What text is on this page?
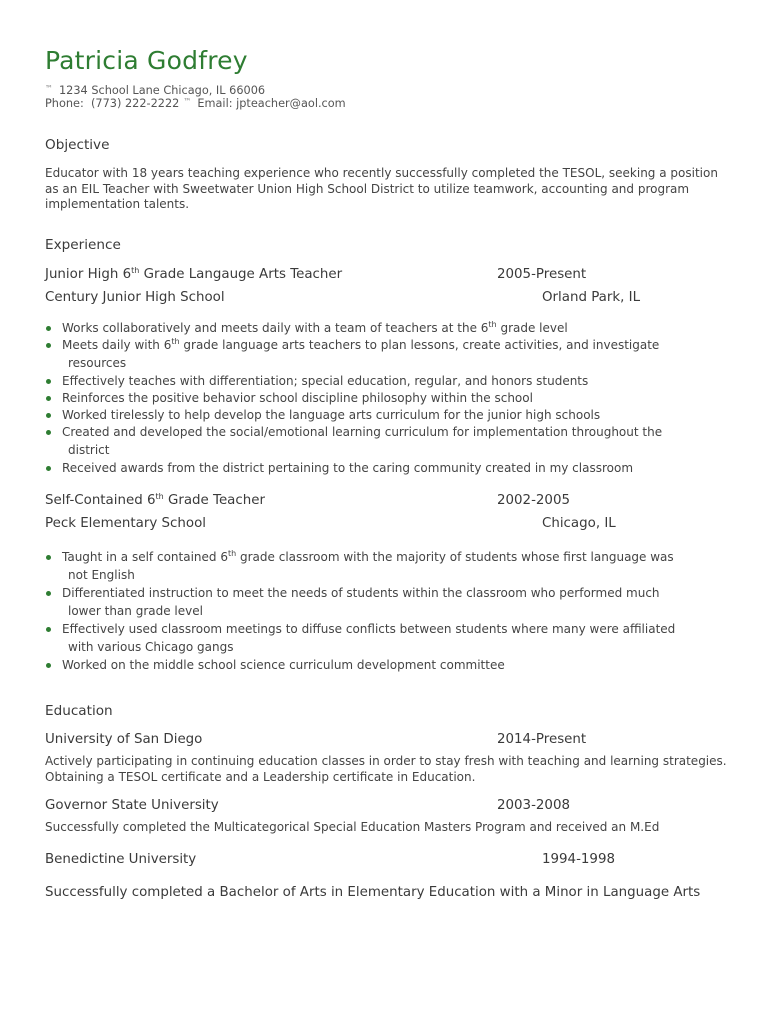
Patricia Godfrey
™ 1234 School Lane Chicago, IL 66006
Phone: (773) 222-2222 ™ Email: jpteacher@aol.com
Objective
Educator with 18 years teaching experience who recently successfully completed the TESOL, seeking a position as an EIL Teacher with Sweetwater Union High School District to utilize teamwork, accounting and program implementation talents.
Experience
Junior High 6th Grade Langauge Arts Teacher	2005-Present
Century Junior High School	Orland Park, IL
Works collaboratively and meets daily with a team of teachers at the 6th grade level
Meets daily with 6th grade language arts teachers to plan lessons, create activities, and investigate
resources
Effectively teaches with differentiation; special education, regular, and honors students
Reinforces the positive behavior school discipline philosophy within the school
Worked tirelessly to help develop the language arts curriculum for the junior high schools
Created and developed the social/emotional learning curriculum for implementation throughout the
district
Received awards from the district pertaining to the caring community created in my classroom
Self-Contained 6th Grade Teacher	2002-2005
Peck Elementary School	Chicago, IL
Taught in a self contained 6th grade classroom with the majority of students whose first language was
not English
Differentiated instruction to meet the needs of students within the classroom who performed much
lower than grade level
Effectively used classroom meetings to diffuse conflicts between students where many were affiliated
with various Chicago gangs
Worked on the middle school science curriculum development committee
Education
University of San Diego	2014-Present
Actively participating in continuing education classes in order to stay fresh with teaching and learning strategies. Obtaining a TESOL certificate and a Leadership certificate in Education.
Governor State University	2003-2008
Successfully completed the Multicategorical Special Education Masters Program and received an M.Ed
Benedictine University	1994-1998
Successfully completed a Bachelor of Arts in Elementary Education with a Minor in Language Arts
